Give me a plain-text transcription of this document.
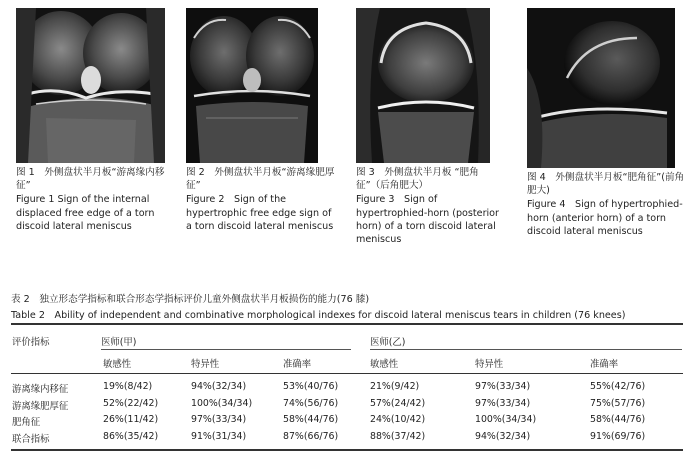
图 1　外侧盘状半月板“游离缘内移征”
Figure 1 Sign of the internal displaced free edge of a torn discoid lateral meniscus
图 2　外侧盘状半月板“游离缘肥厚征”
Figure 2　Sign of the hypertrophic free edge sign of a torn discoid lateral meniscus
图 3　外侧盘状半月板 “肥角征”（后角肥大）
Figure 3　Sign of hypertrophied-horn (posterior horn) of a torn discoid lateral meniscus
图 4　外侧盘状半月板“肥角征”(前角肥大)
Figure 4　Sign of hypertrophied-horn (anterior horn) of a torn discoid lateral meniscus
表 2　独立形态学指标和联合形态学指标评价儿童外侧盘状半月板损伤的能力(76 膝)
Table 2　Ability of independent and combinative morphological indexes for discoid lateral meniscus tears in children (76 knees)
评价指标	医师(甲)	医师(乙)
敏感性	特异性	准确率	敏感性	特异性	准确率
游离缘内移征	19%(8/42)	94%(32/34)	53%(40/76)	21%(9/42)	97%(33/34)	55%(42/76)
游离缘肥厚征	52%(22/42)	100%(34/34)	74%(56/76)	57%(24/42)	97%(33/34)	75%(57/76)
肥角征	26%(11/42)	97%(33/34)	58%(44/76)	24%(10/42)	100%(34/34)	58%(44/76)
联合指标	86%(35/42)	91%(31/34)	87%(66/76)	88%(37/42)	94%(32/34)	91%(69/76)
